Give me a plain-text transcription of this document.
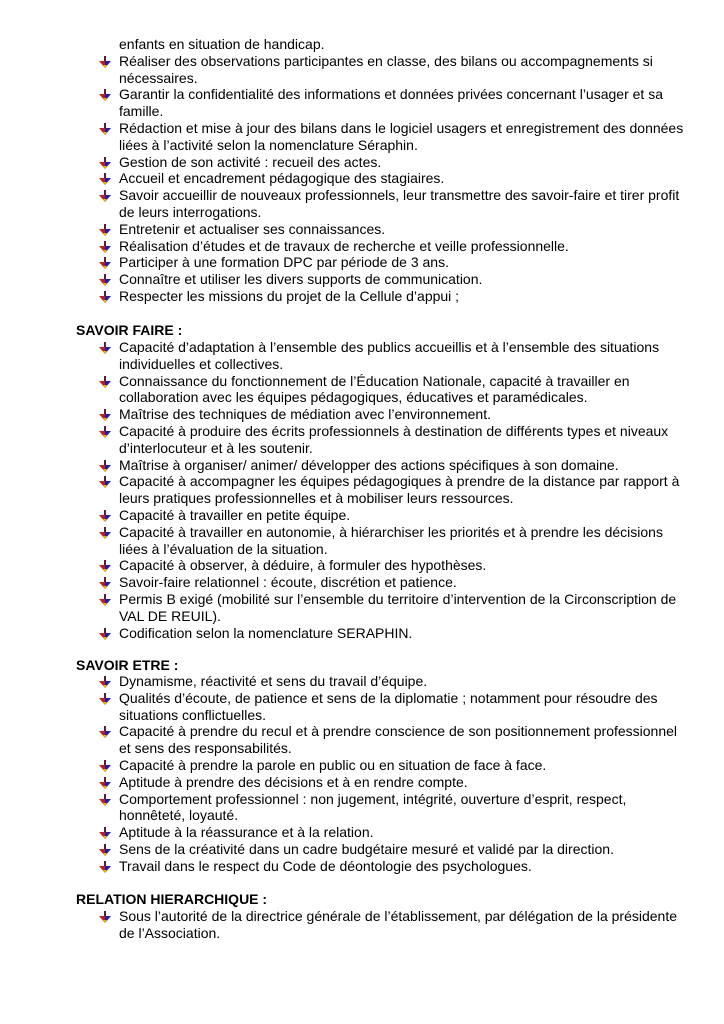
enfants en situation de handicap.
Réaliser des observations participantes en classe, des bilans ou accompagnements si nécessaires.
Garantir la confidentialité des informations et données privées concernant l’usager et sa famille.
Rédaction et mise à jour des bilans dans le logiciel usagers et enregistrement des données liées à l’activité selon la nomenclature Séraphin.
Gestion de son activité : recueil des actes.
Accueil et encadrement pédagogique des stagiaires.
Savoir accueillir de nouveaux professionnels, leur transmettre des savoir-faire et tirer profit de leurs interrogations.
Entretenir et actualiser ses connaissances.
Réalisation d’études et de travaux de recherche et veille professionnelle.
Participer à une formation DPC par période de 3 ans.
Connaître et utiliser les divers supports de communication.
Respecter les missions du projet de la Cellule d’appui ;
SAVOIR FAIRE :
Capacité d’adaptation à l’ensemble des publics accueillis et à l’ensemble des situations individuelles et collectives.
Connaissance du fonctionnement de l’Éducation Nationale, capacité à travailler en collaboration avec les équipes pédagogiques, éducatives et paramédicales.
Maîtrise des techniques de médiation avec l’environnement.
Capacité à produire des écrits professionnels à destination de différents types et niveaux d’interlocuteur et à les soutenir.
Maîtrise à organiser/ animer/ développer des actions spécifiques à son domaine.
Capacité à accompagner les équipes pédagogiques à prendre de la distance par rapport à leurs pratiques professionnelles et à mobiliser leurs ressources.
Capacité à travailler en petite équipe.
Capacité à travailler en autonomie, à hiérarchiser les priorités et à prendre les décisions liées à l’évaluation de la situation.
Capacité à observer, à déduire, à formuler des hypothèses.
Savoir-faire relationnel : écoute, discrétion et patience.
Permis B exigé (mobilité sur l’ensemble du territoire d’intervention de la Circonscription de VAL DE REUIL).
Codification selon la nomenclature SERAPHIN.
SAVOIR ETRE :
Dynamisme, réactivité et sens du travail d’équipe.
Qualités d’écoute, de patience et sens de la diplomatie ; notamment pour résoudre des situations conflictuelles.
Capacité à prendre du recul et à prendre conscience de son positionnement professionnel et sens des responsabilités.
Capacité à prendre la parole en public ou en situation de face à face.
Aptitude à prendre des décisions et à en rendre compte.
Comportement professionnel : non jugement, intégrité, ouverture d’esprit, respect, honnêteté, loyauté.
Aptitude à la réassurance et à la relation.
Sens de la créativité dans un cadre budgétaire mesuré et validé par la direction.
Travail dans le respect du Code de déontologie des psychologues.
RELATION HIERARCHIQUE :
Sous l’autorité de la directrice générale de l’établissement, par délégation de la présidente de l’Association.
